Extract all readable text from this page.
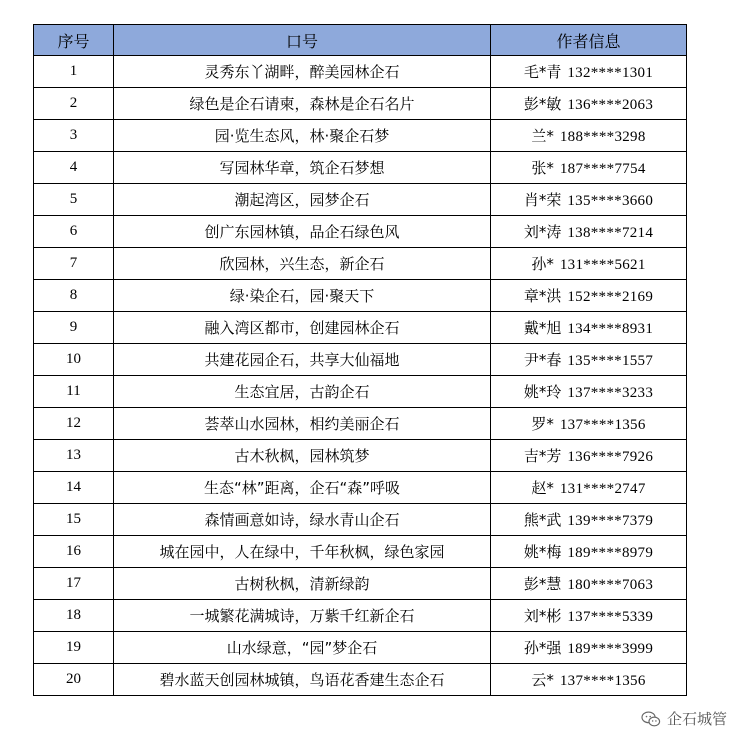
序号	口号	作者信息
1	灵秀东丫湖畔，醉美园林企石	毛*青 132****1301
2	绿色是企石请柬，森林是企石名片	彭*敏 136****2063
3	园·览生态风，林·聚企石梦	兰* 188****3298
4	写园林华章，筑企石梦想	张* 187****7754
5	潮起湾区，园梦企石	肖*荣 135****3660
6	创广东园林镇，品企石绿色风	刘*涛 138****7214
7	欣园林，兴生态，新企石	孙* 131****5621
8	绿·染企石，园·聚天下	章*洪 152****2169
9	融入湾区都市，创建园林企石	戴*旭 134****8931
10	共建花园企石，共享大仙福地	尹*春 135****1557
11	生态宜居，古韵企石	姚*玲 137****3233
12	荟萃山水园林，相约美丽企石	罗* 137****1356
13	古木秋枫，园林筑梦	吉*芳 136****7926
14	生态“林”距离，企石“森”呼吸	赵* 131****2747
15	森情画意如诗，绿水青山企石	熊*武 139****7379
16	城在园中，人在绿中，千年秋枫，绿色家园	姚*梅 189****8979
17	古树秋枫，清新绿韵	彭*慧 180****7063
18	一城繁花满城诗，万紫千红新企石	刘*彬 137****5339
19	山水绿意，“园”梦企石	孙*强 189****3999
20	碧水蓝天创园林城镇，鸟语花香建生态企石	云* 137****1356
企石城管
